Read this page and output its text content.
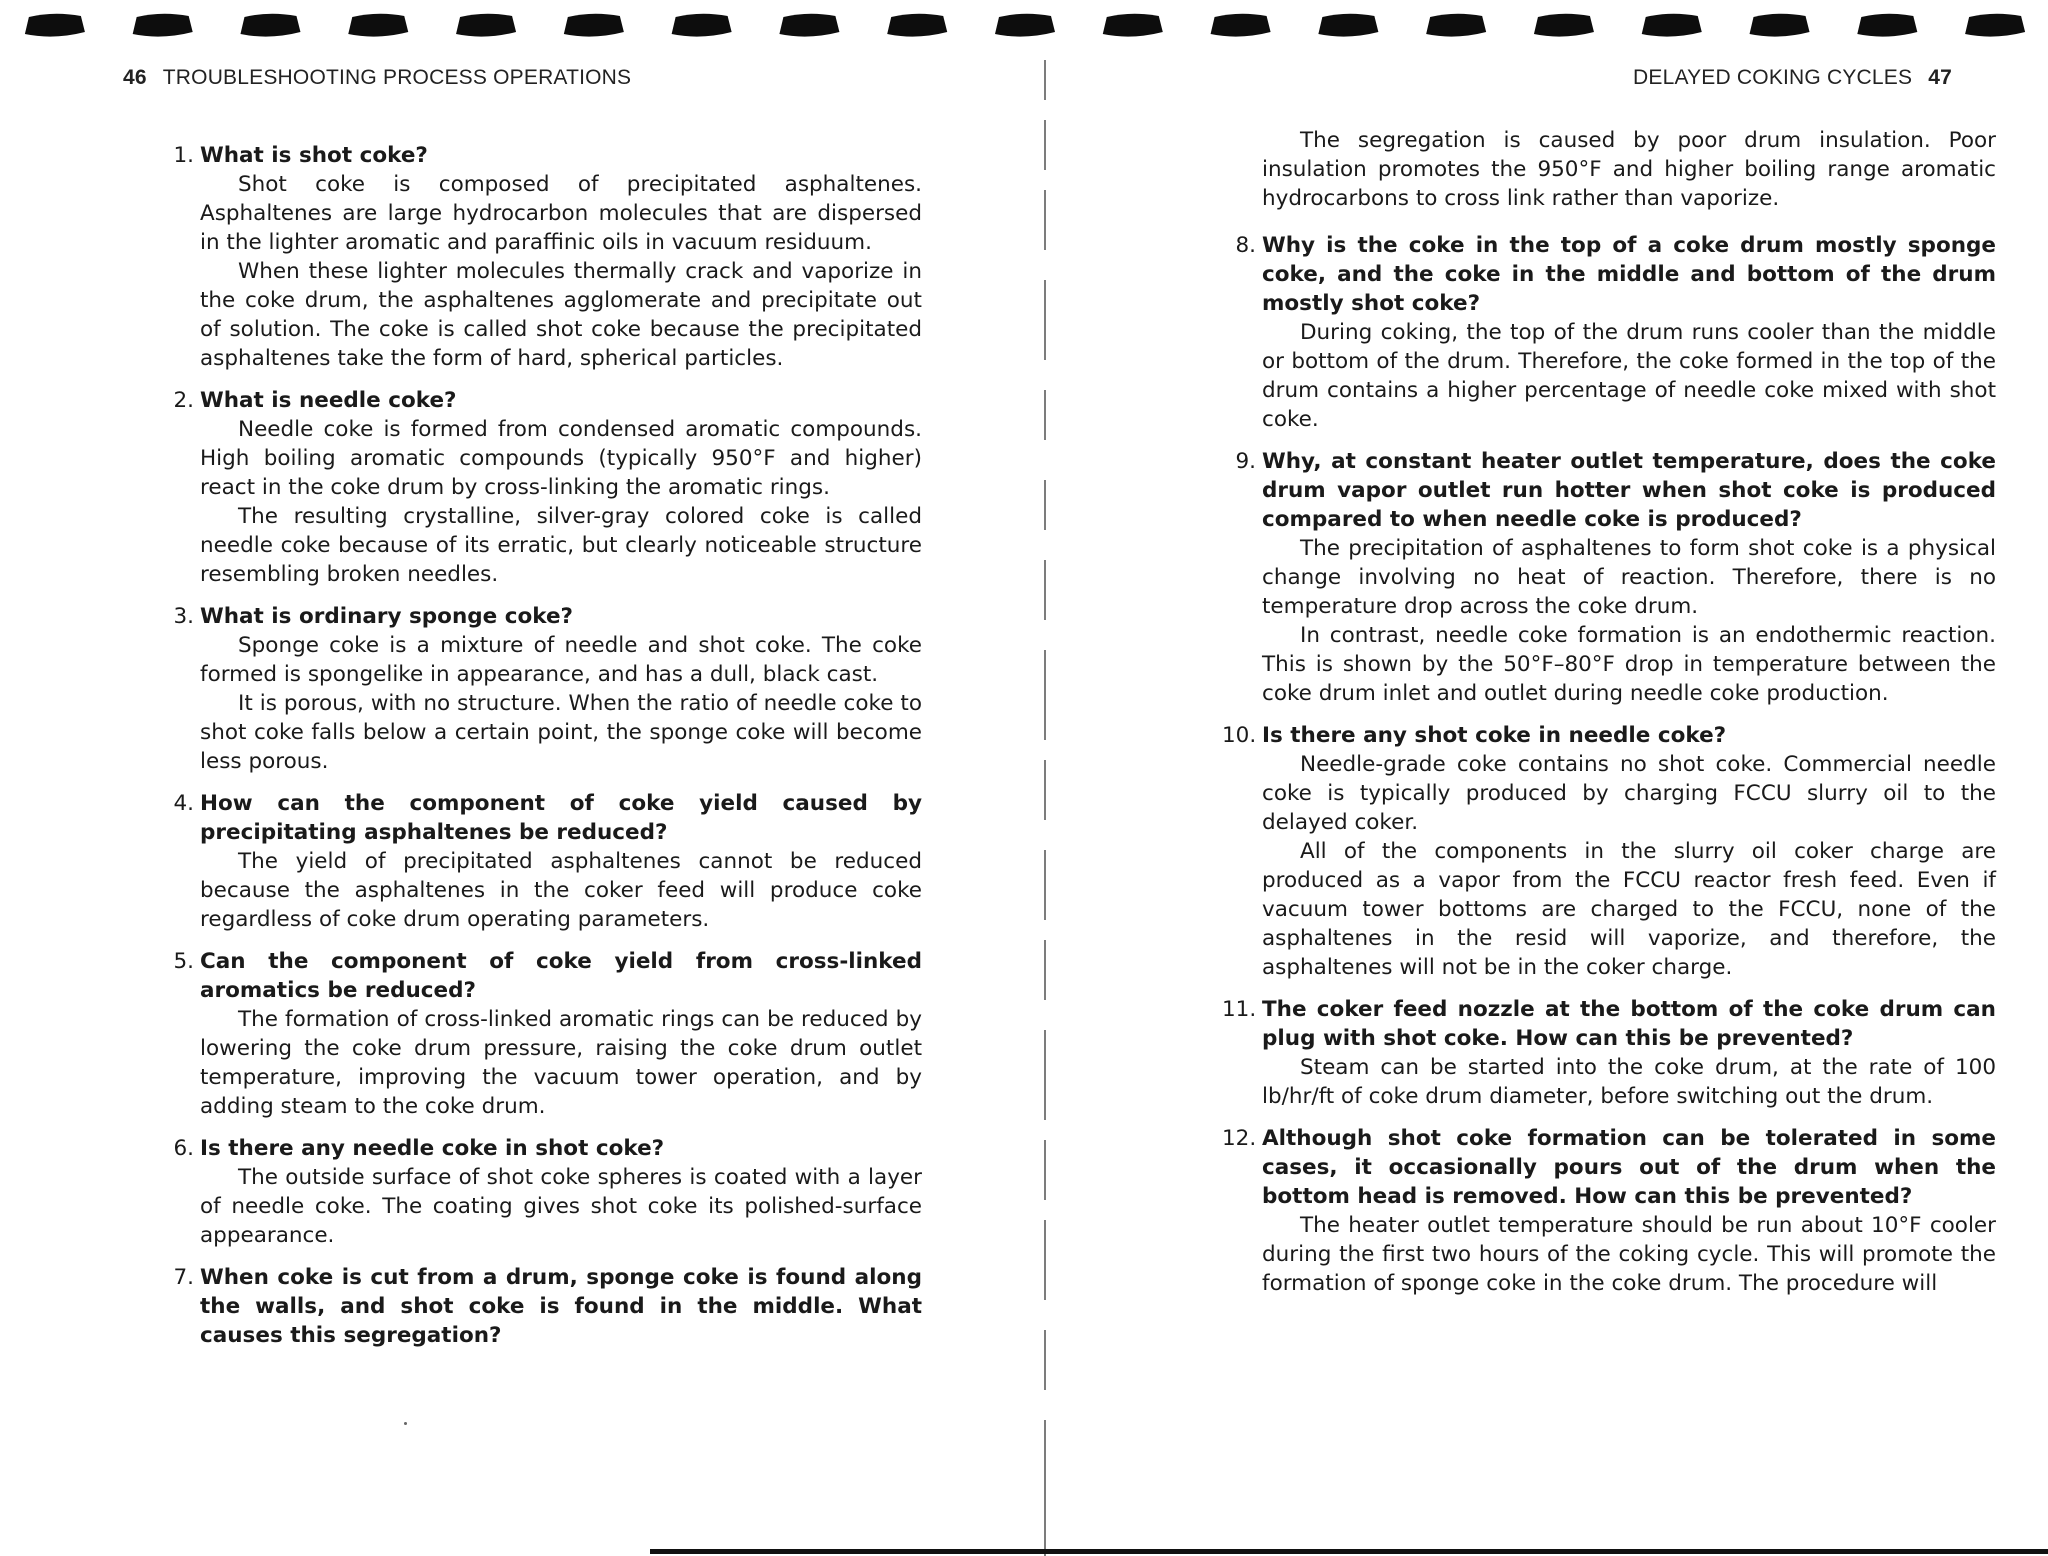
46 TROUBLESHOOTING PROCESS OPERATIONS
1. What is shot coke?
Shot coke is composed of precipitated asphaltenes. Asphaltenes are large hydrocarbon molecules that are dispersed in the lighter aromatic and paraffinic oils in vacuum residuum.
When these lighter molecules thermally crack and vaporize in the coke drum, the asphaltenes agglomerate and precipitate out of solution. The coke is called shot coke because the precipitated asphaltenes take the form of hard, spherical particles.
2. What is needle coke?
Needle coke is formed from condensed aromatic compounds. High boiling aromatic compounds (typically 950°F and higher) react in the coke drum by cross-linking the aromatic rings.
The resulting crystalline, silver-gray colored coke is called needle coke because of its erratic, but clearly noticeable structure resembling broken needles.
3. What is ordinary sponge coke?
Sponge coke is a mixture of needle and shot coke. The coke formed is spongelike in appearance, and has a dull, black cast.
It is porous, with no structure. When the ratio of needle coke to shot coke falls below a certain point, the sponge coke will become less porous.
4. How can the component of coke yield caused by precipitating asphaltenes be reduced?
The yield of precipitated asphaltenes cannot be reduced because the asphaltenes in the coker feed will produce coke regardless of coke drum operating parameters.
5. Can the component of coke yield from cross-linked aromatics be reduced?
The formation of cross-linked aromatic rings can be reduced by lowering the coke drum pressure, raising the coke drum outlet temperature, improving the vacuum tower operation, and by adding steam to the coke drum.
6. Is there any needle coke in shot coke?
The outside surface of shot coke spheres is coated with a layer of needle coke. The coating gives shot coke its polished-surface appearance.
7. When coke is cut from a drum, sponge coke is found along the walls, and shot coke is found in the middle. What causes this segregation?
DELAYED COKING CYCLES 47
The segregation is caused by poor drum insulation. Poor insulation promotes the 950°F and higher boiling range aromatic hydrocarbons to cross link rather than vaporize.
8. Why is the coke in the top of a coke drum mostly sponge coke, and the coke in the middle and bottom of the drum mostly shot coke?
During coking, the top of the drum runs cooler than the middle or bottom of the drum. Therefore, the coke formed in the top of the drum contains a higher percentage of needle coke mixed with shot coke.
9. Why, at constant heater outlet temperature, does the coke drum vapor outlet run hotter when shot coke is produced compared to when needle coke is produced?
The precipitation of asphaltenes to form shot coke is a physical change involving no heat of reaction. Therefore, there is no temperature drop across the coke drum.
In contrast, needle coke formation is an endothermic reaction. This is shown by the 50°F–80°F drop in temperature between the coke drum inlet and outlet during needle coke production.
10. Is there any shot coke in needle coke?
Needle-grade coke contains no shot coke. Commercial needle coke is typically produced by charging FCCU slurry oil to the delayed coker.
All of the components in the slurry oil coker charge are produced as a vapor from the FCCU reactor fresh feed. Even if vacuum tower bottoms are charged to the FCCU, none of the asphaltenes in the resid will vaporize, and therefore, the asphaltenes will not be in the coker charge.
11. The coker feed nozzle at the bottom of the coke drum can plug with shot coke. How can this be prevented?
Steam can be started into the coke drum, at the rate of 100 lb/hr/ft of coke drum diameter, before switching out the drum.
12. Although shot coke formation can be tolerated in some cases, it occasionally pours out of the drum when the bottom head is removed. How can this be prevented?
The heater outlet temperature should be run about 10°F cooler during the first two hours of the coking cycle. This will promote the formation of sponge coke in the coke drum. The procedure will
